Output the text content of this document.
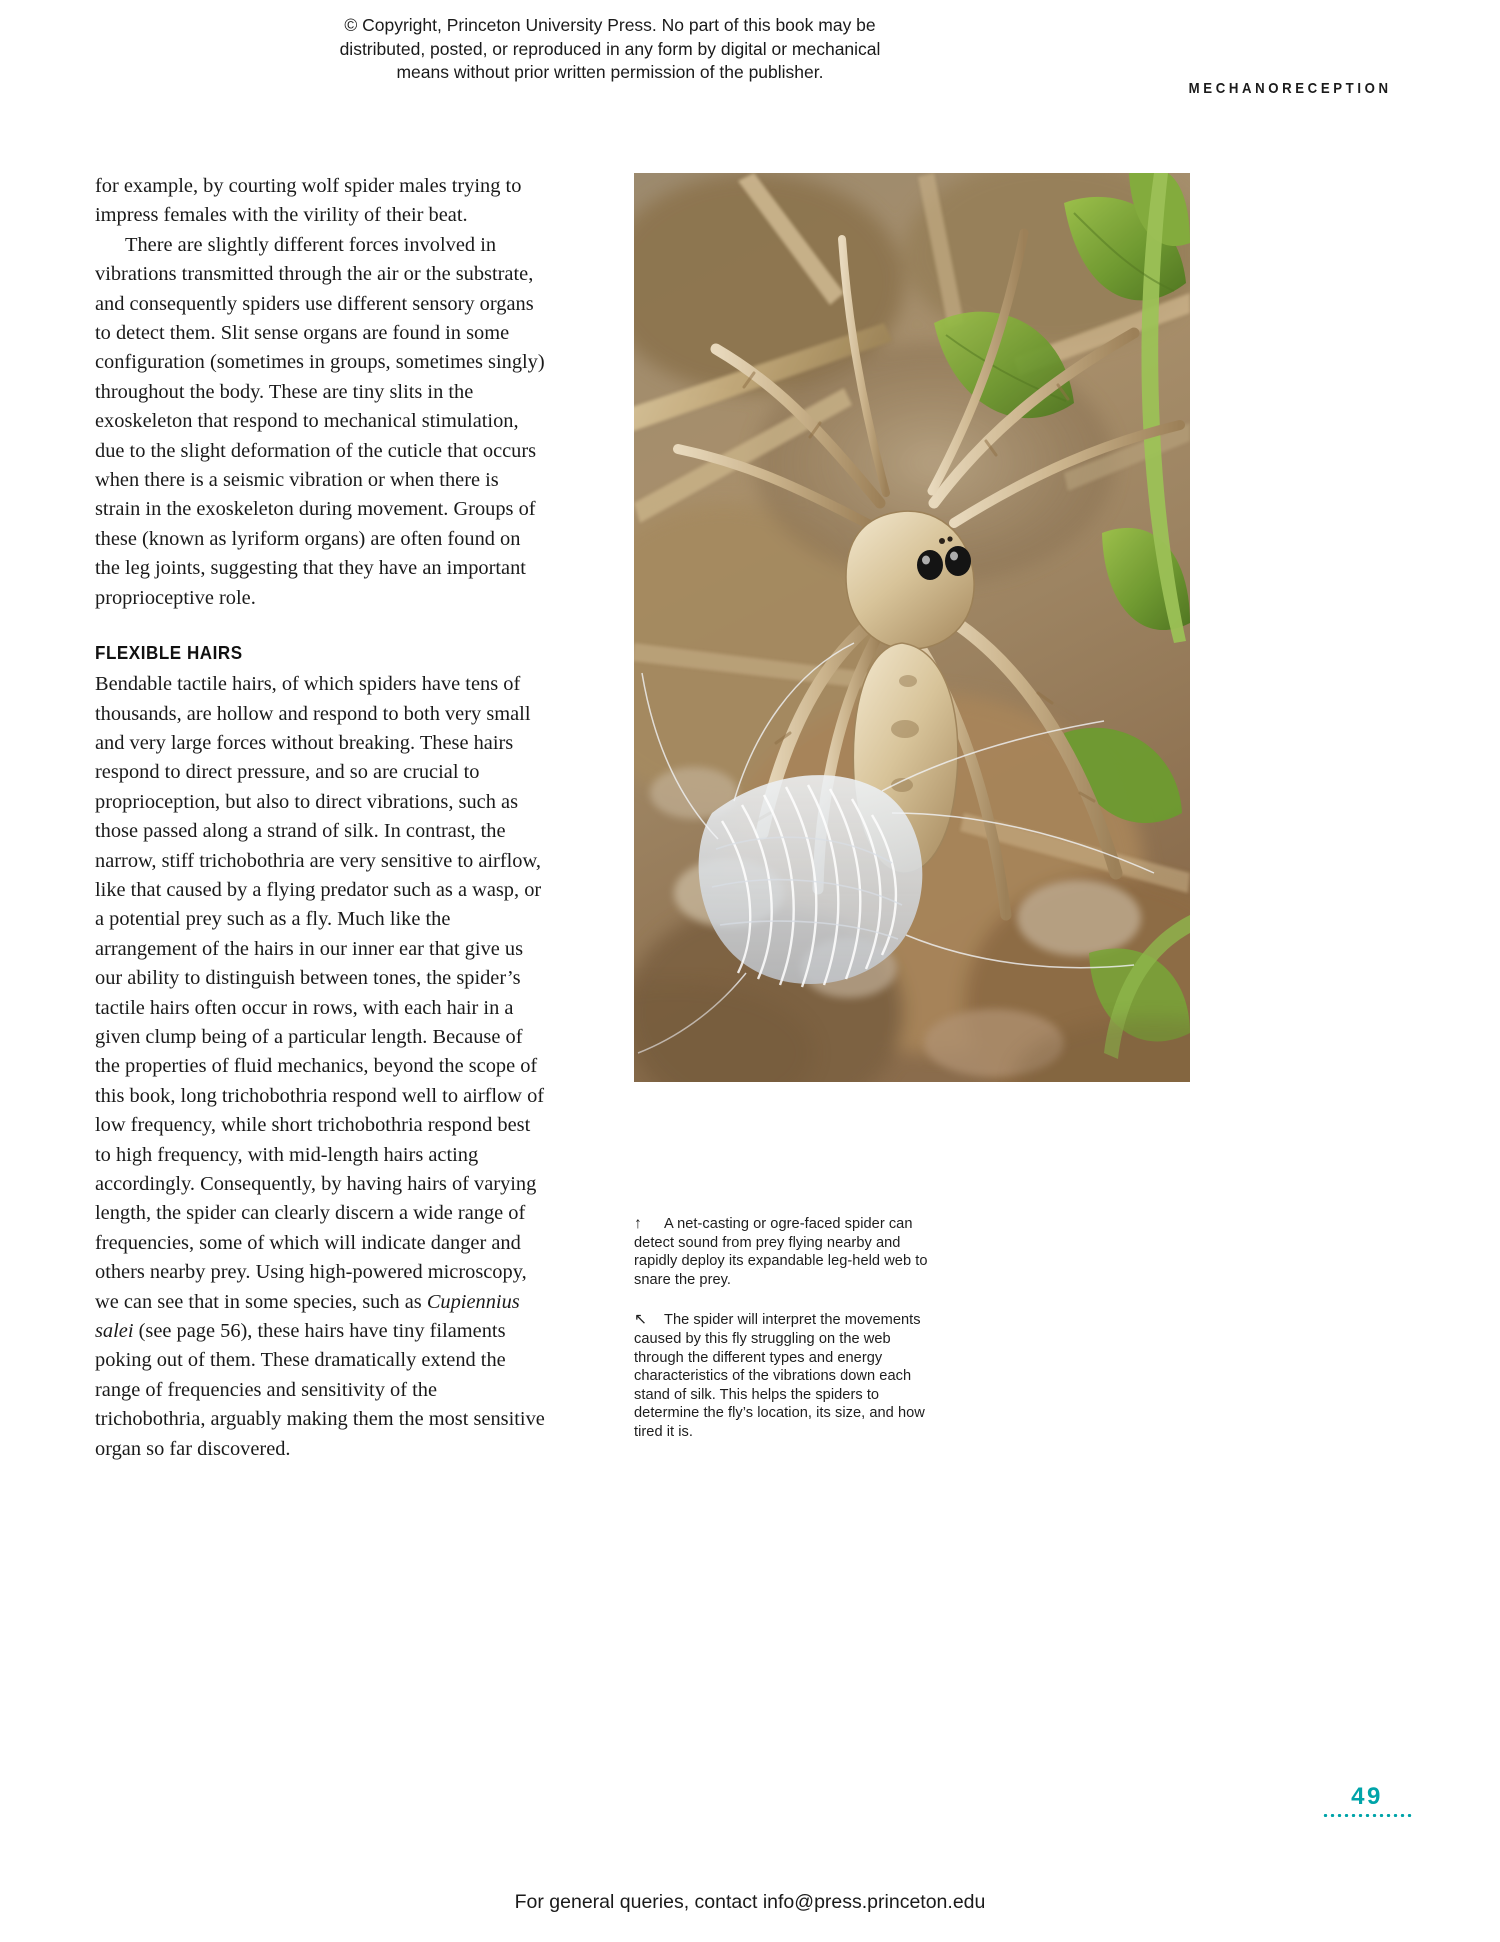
© Copyright, Princeton University Press. No part of this book may be
distributed, posted, or reproduced in any form by digital or mechanical
means without prior written permission of the publisher.
MECHANORECEPTION

for example, by courting wolf spider males trying to impress females with the virility of their beat.

There are slightly different forces involved in vibrations transmitted through the air or the substrate, and consequently spiders use different sensory organs to detect them. Slit sense organs are found in some configuration (sometimes in groups, sometimes singly) throughout the body. These are tiny slits in the exoskeleton that respond to mechanical stimulation, due to the slight deformation of the cuticle that occurs when there is a seismic vibration or when there is strain in the exoskeleton during movement. Groups of these (known as lyriform organs) are often found on the leg joints, suggesting that they have an important proprioceptive role.

FLEXIBLE HAIRS

Bendable tactile hairs, of which spiders have tens of thousands, are hollow and respond to both very small and very large forces without breaking. These hairs respond to direct pressure, and so are crucial to proprioception, but also to direct vibrations, such as those passed along a strand of silk. In contrast, the narrow, stiff trichobothria are very sensitive to airflow, like that caused by a flying predator such as a wasp, or a potential prey such as a fly. Much like the arrangement of the hairs in our inner ear that give us our ability to distinguish between tones, the spider’s tactile hairs often occur in rows, with each hair in a given clump being of a particular length. Because of the properties of fluid mechanics, beyond the scope of this book, long trichobothria respond well to airflow of low frequency, while short trichobothria respond best to high frequency, with mid-length hairs acting accordingly. Consequently, by having hairs of varying length, the spider can clearly discern a wide range of frequencies, some of which will indicate danger and others nearby prey. Using high-powered microscopy, we can see that in some species, such as Cupiennius salei (see page 56), these hairs have tiny filaments poking out of them. These dramatically extend the range of frequencies and sensitivity of the trichobothria, arguably making them the most sensitive organ so far discovered.

↑ A net-casting or ogre-faced spider can detect sound from prey flying nearby and rapidly deploy its expandable leg-held web to snare the prey.
↖ The spider will interpret the movements caused by this fly struggling on the web through the different types and energy characteristics of the vibrations down each stand of silk. This helps the spiders to determine the fly’s location, its size, and how tired it is.
49
For general queries, contact info@press.princeton.edu
